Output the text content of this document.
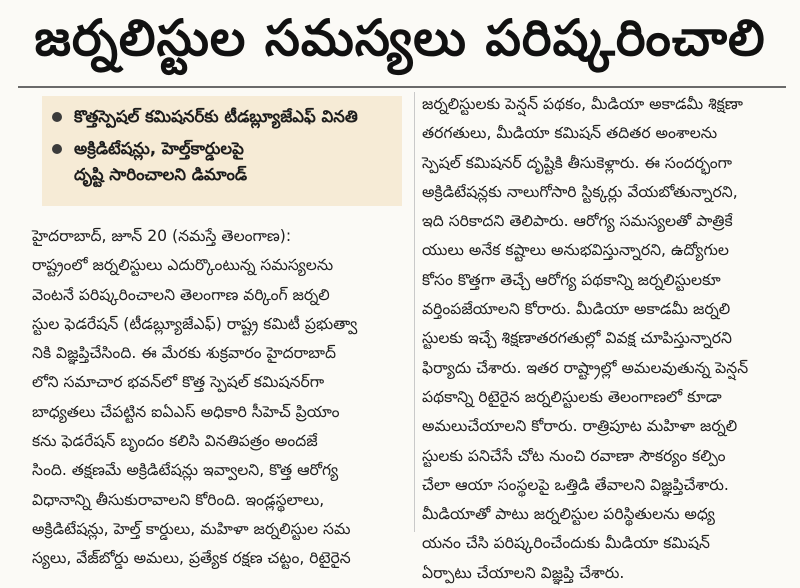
జర్నలిస్టుల సమస్యలు పరిష్కరించాలి
కొత్తస్పెషల్ కమిషనర్‌కు టీడబ్ల్యూజేఎఫ్ వినతి
అక్రిడిటేషన్లు, హెల్త్‌కార్డులపై
దృష్టి సారించాలని డిమాండ్
హైదరాబాద్, జూన్ 20 (నమస్తే తెలంగాణ):
రాష్ట్రంలో జర్నలిస్టులు ఎదుర్కొంటున్న సమస్యలను
వెంటనే పరిష్కరించాలని తెలంగాణ వర్కింగ్ జర్నలి
స్టుల ఫెడరేషన్ (టీడబ్ల్యూజేఎఫ్) రాష్ట్ర కమిటీ ప్రభుత్వా
నికి విజ్ఞప్తిచేసింది. ఈ మేరకు శుక్రవారం హైదరాబాద్
లోని సమాచార భవన్‌లో కొత్త స్పెషల్ కమిషనర్‌గా
బాధ్యతలు చేపట్టిన ఐఏఎస్ అధికారి సీహెచ్ ప్రియాం
కను ఫెడరేషన్ బృందం కలిసి వినతిపత్రం అందజే
సింది. తక్షణమే అక్రిడిటేషన్లు ఇవ్వాలని, కొత్త ఆరోగ్య
విధానాన్ని తీసుకురావాలని కోరింది. ఇండ్లస్థలాలు,
అక్రిడిటేషన్లు, హెల్త్ కార్డులు, మహిళా జర్నలిస్టుల సమ
స్యలు, వేజ్‌బోర్డు అమలు, ప్రత్యేక రక్షణ చట్టం, రిటైరైన
జర్నలిస్టులకు పెన్షన్ పథకం, మీడియా అకాడమీ శిక్షణా
తరగతులు, మీడియా కమిషన్ తదితర అంశాలను
స్పెషల్ కమిషనర్ దృష్టికి తీసుకెళ్లారు. ఈ సందర్భంగా
అక్రిడిటేషన్లకు నాలుగోసారి స్టిక్కర్లు వేయబోతున్నారని,
ఇది సరికాదని తెలిపారు. ఆరోగ్య సమస్యలతో పాత్రికే
యులు అనేక కష్టాలు అనుభవిస్తున్నారని, ఉద్యోగుల
కోసం కొత్తగా తెచ్చే ఆరోగ్య పథకాన్ని జర్నలిస్టులకూ
వర్తింపజేయాలని కోరారు. మీడియా అకాడమీ జర్నలి
స్టులకు ఇచ్చే శిక్షణాతరగతుల్లో వివక్ష చూపిస్తున్నారని
ఫిర్యాదు చేశారు. ఇతర రాష్ట్రాల్లో అమలవుతున్న పెన్షన్
పథకాన్ని రిటైరైన జర్నలిస్టులకు తెలంగాణలో కూడా
అమలుచేయాలని కోరారు. రాత్రిపూట మహిళా జర్నలి
స్టులకు పనిచేసే చోట నుంచి రవాణా సౌకర్యం కల్పిం
చేలా ఆయా సంస్థలపై ఒత్తిడి తేవాలని విజ్ఞప్తిచేశారు.
మీడియాతో పాటు జర్నలిస్టుల పరిస్థితులను అధ్య
యనం చేసి పరిష్కరించేందుకు మీడియా కమిషన్
ఏర్పాటు చేయాలని విజ్ఞప్తి చేశారు.
